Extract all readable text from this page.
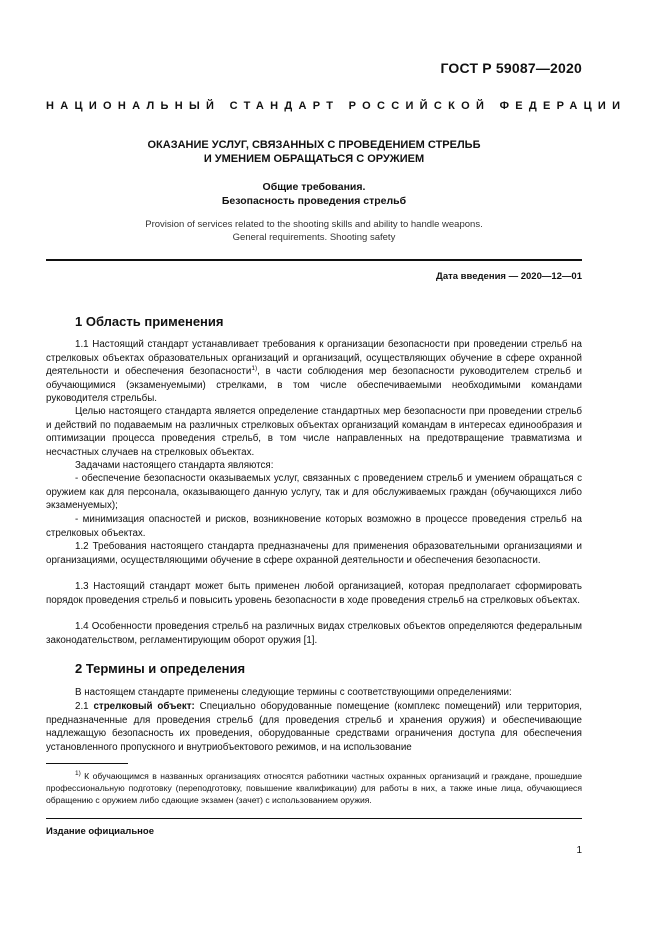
ГОСТ Р 59087—2020
НАЦИОНАЛЬНЫЙ СТАНДАРТ РОССИЙСКОЙ ФЕДЕРАЦИИ
ОКАЗАНИЕ УСЛУГ, СВЯЗАННЫХ С ПРОВЕДЕНИЕМ СТРЕЛЬБ
И УМЕНИЕМ ОБРАЩАТЬСЯ С ОРУЖИЕМ
Общие требования.
Безопасность проведения стрельб
Provision of services related to the shooting skills and ability to handle weapons.
General requirements. Shooting safety
Дата введения — 2020—12—01
1 Область применения

1.1 Настоящий стандарт устанавливает требования к организации безопасности при проведении стрельб на стрелковых объектах образовательных организаций и организаций, осуществляющих обучение в сфере охранной деятельности и обеспечения безопасности$^{1)}$, в части соблюдения мер безопасности руководителем стрельб и обучающимися (экзаменуемыми) стрелками, в том числе обеспечиваемыми необходимыми командами руководителя стрельбы.

Целью настоящего стандарта является определение стандартных мер безопасности при проведении стрельб и действий по подаваемым на различных стрелковых объектах организаций командам в интересах единообразия и оптимизации процесса проведения стрельб, в том числе направленных на предотвращение травматизма и несчастных случаев на стрелковых объектах.

Задачами настоящего стандарта являются:

- обеспечение безопасности оказываемых услуг, связанных с проведением стрельб и умением обращаться с оружием как для персонала, оказывающего данную услугу, так и для обслуживаемых граждан (обучающихся либо экзаменуемых);

- минимизация опасностей и рисков, возникновение которых возможно в процессе проведения стрельб на стрелковых объектах.

1.2 Требования настоящего стандарта предназначены для применения образовательными организациями и организациями, осуществляющими обучение в сфере охранной деятельности и обеспечения безопасности.

1.3 Настоящий стандарт может быть применен любой организацией, которая предполагает сформировать порядок проведения стрельб и повысить уровень безопасности в ходе проведения стрельб на стрелковых объектах.

1.4 Особенности проведения стрельб на различных видах стрелковых объектов определяются федеральным законодательством, регламентирующим оборот оружия [1].

2 Термины и определения

В настоящем стандарте применены следующие термины с соответствующими определениями:

2.1 стрелковый объект: Специально оборудованные помещение (комплекс помещений) или территория, предназначенные для проведения стрельб (для проведения стрельб и хранения оружия) и обеспечивающие надлежащую безопасность их проведения, оборудованные средствами ограничения доступа для обеспечения установленного пропускного и внутриобъектового режимов, и на использование

$^{1)}$ К обучающимся в названных организациях относятся работники частных охранных организаций и граждане, прошедшие профессиональную подготовку (переподготовку, повышение квалификации) для работы в них, а также иные лица, обучающиеся обращению с оружием либо сдающие экзамен (зачет) с использованием оружия.

Издание официальное
1
